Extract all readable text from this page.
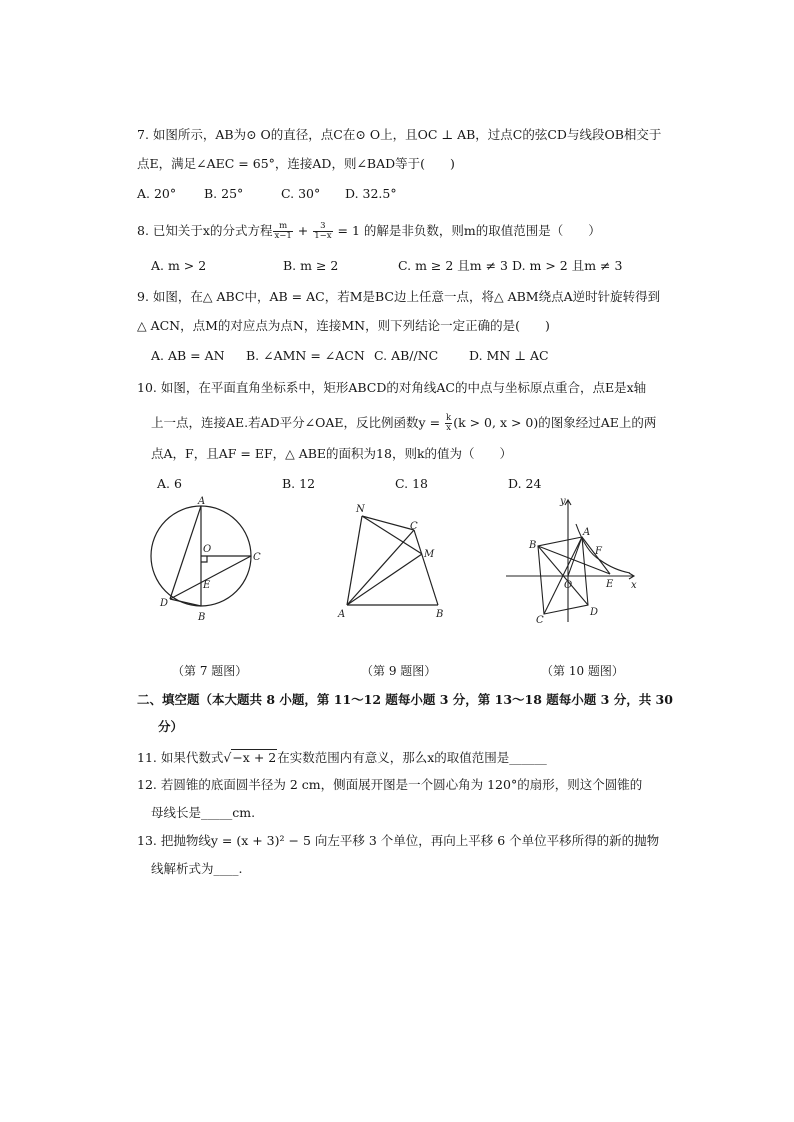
7. 如图所示，AB为⊙ O的直径，点C在⊙ O上，且OC ⊥ AB，过点C的弦CD与线段OB相交于
点E，满足∠AEC = 65°，连接AD，则∠BAD等于(　　)
A. 20° B. 25°	C. 30° D. 32.5°
8. 已知关于x的分式方程 $\frac{m}{x-1} + \frac{3}{1-x} = 1$ 的解是非负数，则m的取值范围是（　　）
A. m > 2	B. m ≥ 2	C. m ≥ 2 且m ≠ 3 D. m > 2 且m ≠ 3
9. 如图，在△ ABC中，AB = AC，若M是BC边上任意一点，将△ ABM绕点A逆时针旋转得到
△ ACN，点M的对应点为点N，连接MN，则下列结论一定正确的是(　　)
A. AB = AN B. ∠AMN = ∠ACN C. AB//NC D. MN ⊥ AC
10. 如图，在平面直角坐标系中，矩形ABCD的对角线AC的中点与坐标原点重合，点E是x轴
上一点，连接AE.若AD平分∠OAE，反比例函数$y = \frac{k}{x} (k > 0$, x > 0)的图象经过AE上的两
点A，F，且AF = EF，△ ABE的面积为18，则k的值为（　　）
A. 6	B. 12	C. 18	D. 24
A
O
C
E
D
B
N
C
M
A	B
y
A
B
F
O	E x
C
D
（第 7 题图）	（第 9 题图）	（第 10 题图）
二、填空题（本大题共 8 小题，第 11～12 题每小题 3 分，第 13～18 题每小题 3 分，共 30
分）
11. 如果代数式√−x + 2在实数范围内有意义，那么x的取值范围是______
12. 若圆锥的底面圆半径为 2 cm，侧面展开图是一个圆心角为 120°的扇形，则这个圆锥的
母线长是_____cm.
13. 把抛物线y = (x + 3)² − 5 向左平移 3 个单位，再向上平移 6 个单位平移所得的新的抛物
线解析式为____.
